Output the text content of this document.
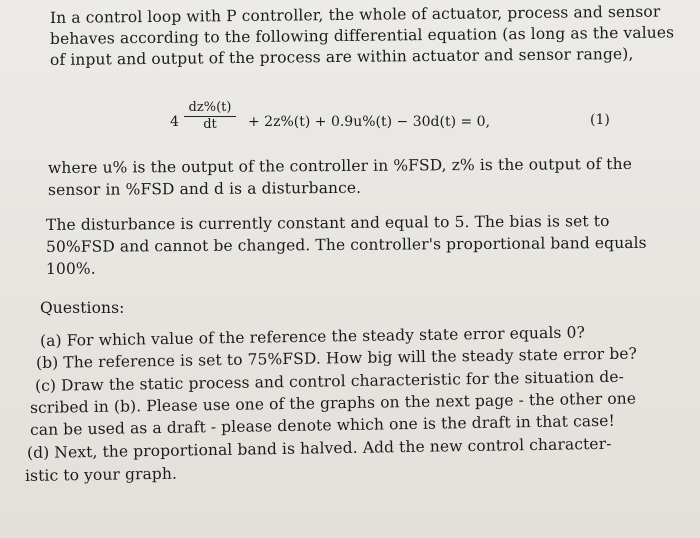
In a control loop with P controller, the whole of actuator, process and sensor
behaves according to the following differential equation (as long as the values
of input and output of the process are within actuator and sensor range),
4
dz%(t)
dt	+ 2z%(t) + 0.9u%(t) − 30d(t) = 0,	(1)
where u% is the output of the controller in %FSD, z% is the output of the
sensor in %FSD and d is a disturbance.
The disturbance is currently constant and equal to 5. The bias is set to
50%FSD and cannot be changed. The controller's proportional band equals
100%.
Questions:
(a) For which value of the reference the steady state error equals 0?
(b) The reference is set to 75%FSD. How big will the steady state error be?
(c) Draw the static process and control characteristic for the situation de-
scribed in (b). Please use one of the graphs on the next page - the other one
can be used as a draft - please denote which one is the draft in that case!
(d) Next, the proportional band is halved. Add the new control character-
istic to your graph.
